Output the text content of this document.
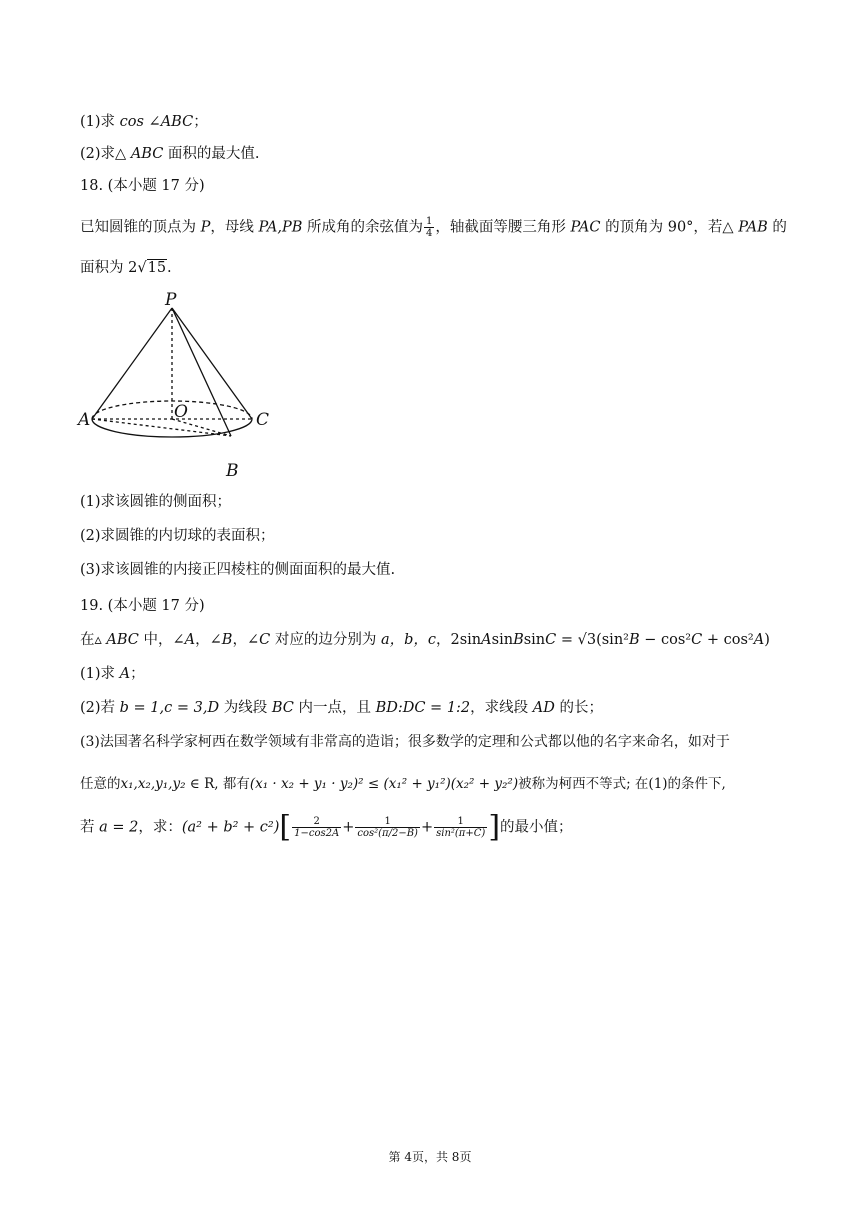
(1)求 cos ∠ABC；
(2)求△ ABC 面积的最大值.
18. (本小题 17 分)
已知圆锥的顶点为 P，母线 PA,PB 所成角的余弦值为 $\frac{1}{4}$ ，轴截面等腰三角形 PAC 的顶角为 90°，若△ PAB 的
面积为 2√15.
P
A	O	C
B
(1)求该圆锥的侧面积；
(2)求圆锥的内切球的表面积；
(3)求该圆锥的内接正四棱柱的侧面面积的最大值.
19. (本小题 17 分)
在▵ ABC 中，∠A，∠B，∠C 对应的边分别为 a，b，c，2sinAsinBsinC = √3(sin²B − cos²C + cos²A)
(1)求 A；
(2)若 b = 1,c = 3,D 为线段 BC 内一点，且 BD:DC = 1:2，求线段 AD 的长；
(3)法国著名科学家柯西在数学领域有非常高的造诣；很多数学的定理和公式都以他的名字来命名，如对于
任意的x₁,x₂,y₁,y₂ ∈ R, 都有(x₁ · x₂ + y₁ · y₂)² ≤ (x₁² + y₁²)(x₂² + y₂²)被称为柯西不等式; 在(1)的条件下,
若 a = 2，求：$(a^2 + b^2 + c^2)[ \frac{2}{1-\cos 2A} + \frac{1}{\text{cos²(π/2−B)}} + \frac{1}{\text{sin²(π+C)}}$ ]的最小值；
第 4页，共 8页
